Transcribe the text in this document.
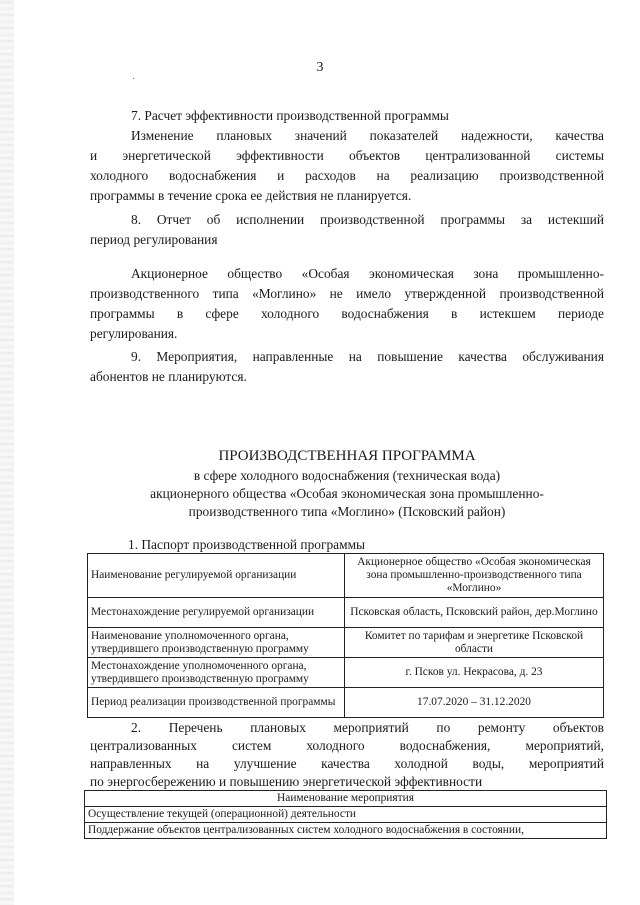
3
·
7. Расчет эффективности производственной программы
Изменение плановых значений показателей надежности, качества
и энергетической эффективности объектов централизованной системы
холодного водоснабжения и расходов на реализацию производственной
программы в течение срока ее действия не планируется.
8. Отчет об исполнении производственной программы за истекший
период регулирования
Акционерное общество «Особая экономическая зона промышленно-
производственного типа «Моглино» не имело утвержденной производственной
программы в сфере холодного водоснабжения в истекшем периоде
регулирования.
9. Мероприятия, направленные на повышение качества обслуживания
абонентов не планируются.
ПРОИЗВОДСТВЕННАЯ ПРОГРАММА
в сфере холодного водоснабжения (техническая вода)
акционерного общества «Особая экономическая зона промышленно-
производственного типа «Моглино» (Псковский район)
1. Паспорт производственной программы
Наименование регулируемой организации	Акционерное общество «Особая экономическая зона промышленно-производственного типа «Моглино»
Местонахождение регулируемой организации	Псковская область, Псковский район, дер.Моглино
Наименование уполномоченного органа, утвердившего производственную программу	Комитет по тарифам и энергетике Псковской области
Местонахождение уполномоченного органа, утвердившего производственную программу	г. Псков ул. Некрасова, д. 23
Период реализации производственной программы	17.07.2020 – 31.12.2020
2. Перечень плановых мероприятий по ремонту объектов
централизованных систем холодного водоснабжения, мероприятий,
направленных на улучшение качества холодной воды, мероприятий
по энергосбережению и повышению энергетической эффективности
Наименование мероприятия
Осуществление текущей (операционной) деятельности
Поддержание объектов централизованных систем холодного водоснабжения в состоянии,
